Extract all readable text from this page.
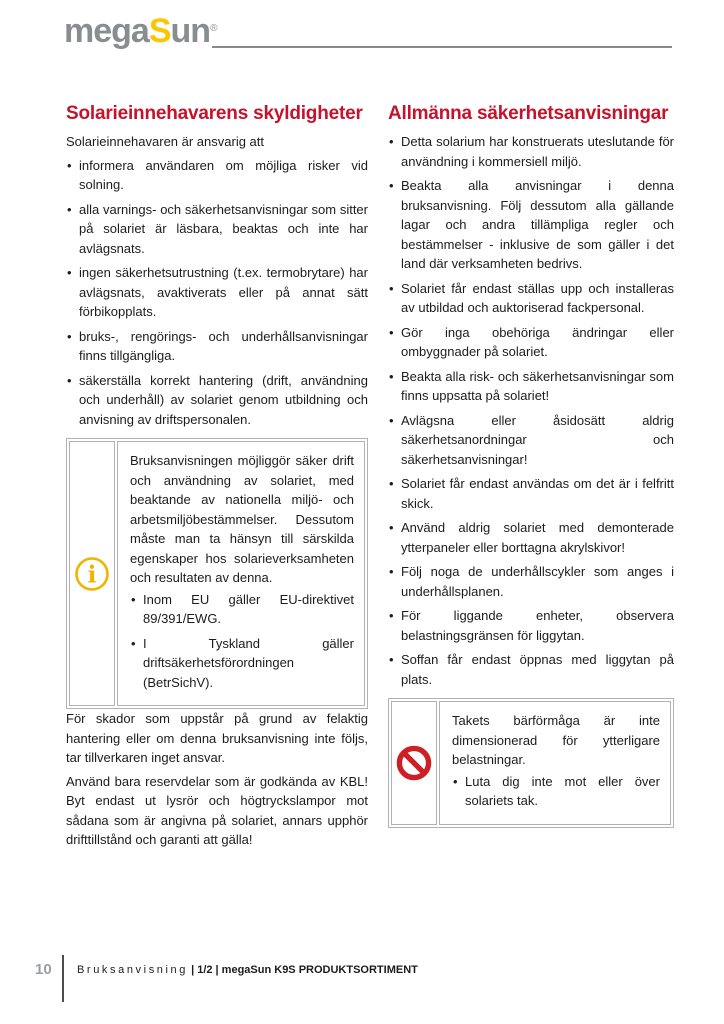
megaSun®
Solarieinnehavarens skyldigheter

Solarieinnehavaren är ansvarig att

• informera användaren om möjliga risker vid solning.
• alla varnings- och säkerhetsanvisningar som sitter på solariet är läsbara, beaktas och inte har avlägsnats.
• ingen säkerhetsutrustning (t.ex. termobrytare) har avlägsnats, avaktiverats eller på annat sätt förbikopplats.
• bruks-, rengörings- och underhållsanvisningar finns tillgängliga.
• säkerställa korrekt hantering (drift, användning och underhåll) av solariet genom utbildning och anvisning av driftspersonalen.
i

Bruksanvisningen möjliggör säker drift och användning av solariet, med beaktande av nationella miljö- och arbetsmiljöbestämmelser. Dessutom måste man ta hänsyn till särskilda egenskaper hos solarieverksamheten och resultaten av denna.

• Inom EU gäller EU-direktivet 89/391/EWG.
• I Tyskland gäller driftsäkerhetsförordningen (BetrSichV).

För skador som uppstår på grund av felaktig hantering eller om denna bruksanvisning inte följs, tar tillverkaren inget ansvar.

Använd bara reservdelar som är godkända av KBL! Byt endast ut lysrör och högtryckslampor mot sådana som är angivna på solariet, annars upphör drifttillstånd och garanti att gälla!

Allmänna säkerhetsanvisningar
• Detta solarium har konstruerats uteslutande för användning i kommersiell miljö.
• Beakta alla anvisningar i denna bruksanvisning. Följ dessutom alla gällande lagar och andra tillämpliga regler och bestämmelser - inklusive de som gäller i det land där verksamheten bedrivs.
• Solariet får endast ställas upp och installeras av utbildad och auktoriserad fackpersonal.
• Gör inga obehöriga ändringar eller ombyggnader på solariet.
• Beakta alla risk- och säkerhetsanvisningar som finns uppsatta på solariet!
• Avlägsna eller åsidosätt aldrig säkerhetsanordningar och säkerhetsanvisningar!
• Solariet får endast användas om det är i felfritt skick.
• Använd aldrig solariet med demonterade ytterpaneler eller borttagna akrylskivor!
• Följ noga de underhållscykler som anges i underhållsplanen.
• För liggande enheter, observera belastningsgränsen för liggytan.
• Soffan får endast öppnas med liggytan på plats.

Takets bärförmåga är inte dimensionerad för ytterligare belastningar.

• Luta dig inte mot eller över solariets tak.
10 Bruksanvisning | 1/2 | megaSun K9S PRODUKTSORTIMENT
